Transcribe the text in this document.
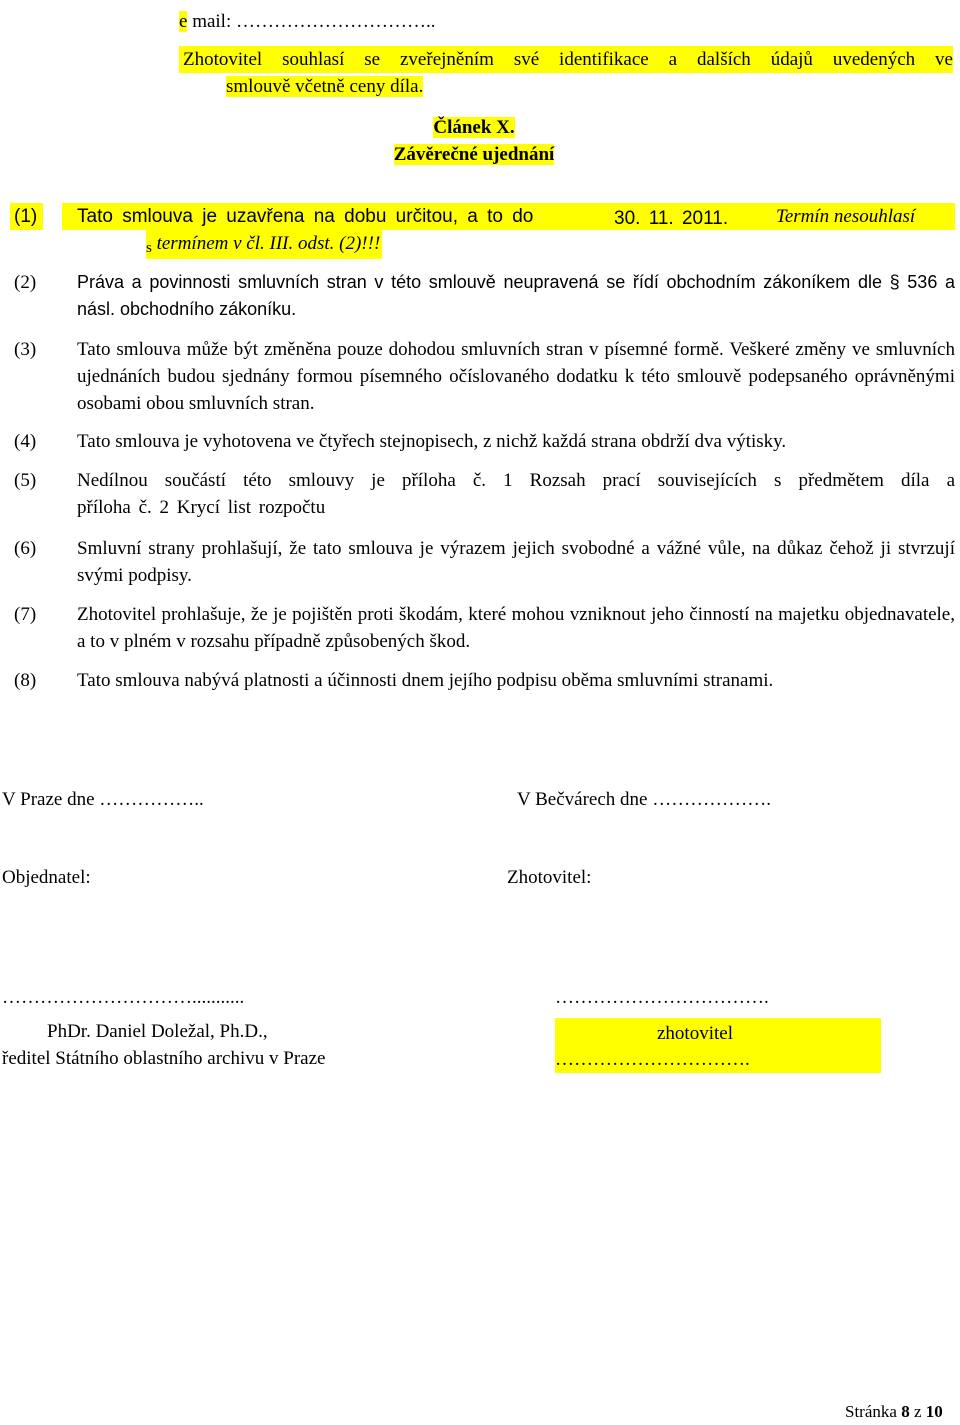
e mail: …………………………..
Zhotovitel souhlasí se zveřejněním své identifikace a dalších údajů uvedených ve
smlouvě včetně ceny díla.
Článek X.
Závěrečné ujednání
(1)	Tato smlouva je uzavřena na dobu určitou, a to do	30. 11. 2011.	Termín nesouhlasí
s termínem v čl. III. odst. (2)!!!
(2) Práva a povinnosti smluvních stran v této smlouvě neupravená se řídí obchodním zákoníkem dle § 536 a násl. obchodního zákoníku.
(3) Tato smlouva může být změněna pouze dohodou smluvních stran v písemné formě. Veškeré změny ve smluvních ujednáních budou sjednány formou písemného očíslovaného dodatku k této smlouvě podepsaného oprávněnými osobami obou smluvních stran.
(4) Tato smlouva je vyhotovena ve čtyřech stejnopisech, z nichž každá strana obdrží dva výtisky.
(5) Nedílnou součástí této smlouvy je příloha č. 1 Rozsah prací souvisejících s předmětem díla a
příloha č. 2 Krycí list rozpočtu
(6) Smluvní strany prohlašují, že tato smlouva je výrazem jejich svobodné a vážné vůle, na důkaz čehož ji stvrzují svými podpisy.
(7) Zhotovitel prohlašuje, že je pojištěn proti škodám, které mohou vzniknout jeho činností na majetku objednavatele, a to v plném v rozsahu případně způsobených škod.
(8) Tato smlouva nabývá platnosti a účinnosti dnem jejího podpisu oběma smluvními stranami.
V Praze dne ……………..	V Bečvárech dne ……………….
Objednatel:	Zhotovitel:
…………………………...........	…………………………….
PhDr. Daniel Doležal, Ph.D.,
ředitel Státního oblastního archivu v Praze
zhotovitel
………………………….
Stránka 8 z 10
